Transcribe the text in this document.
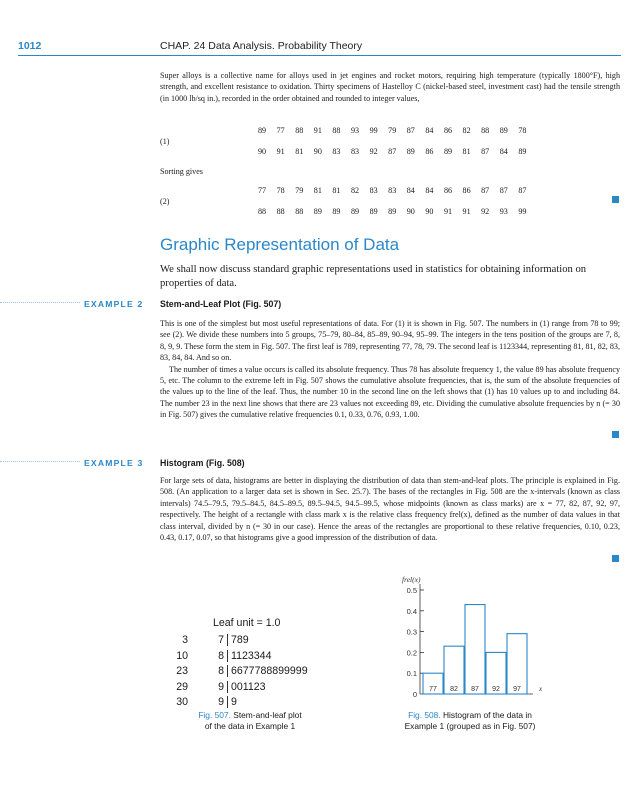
1012	CHAP. 24 Data Analysis. Probability Theory

Super alloys is a collective name for alloys used in jet engines and rocket motors, requiring high temperature (typically 1800°F), high strength, and excellent resistance to oxidation. Thirty specimens of Hastelloy C (nickel-based steel, investment cast) had the tensile strength (in 1000 lb/sq in.), recorded in the order obtained and rounded to integer values,

(1)
89 77 88 91 88 93 99 79 87 84 86 82 88 89 78
90 91 81 90 83 83 92 87 89 86 89 81 87 84 89
Sorting gives
(2)
77 78 79 81 81 82 83 83 84 84 86 86 87 87 87
88 88 88 89 89 89 89 89 90 90 91 91 92 93 99
Graphic Representation of Data
We shall now discuss standard graphic representations used in statistics for obtaining information on properties of data.
EXAMPLE 2 Stem-and-Leaf Plot (Fig. 507)

This is one of the simplest but most useful representations of data. For (1) it is shown in Fig. 507. The numbers in (1) range from 78 to 99; see (2). We divide these numbers into 5 groups, 75–79, 80–84, 85–89, 90–94, 95–99. The integers in the tens position of the groups are 7, 8, 8, 9, 9. These form the stem in Fig. 507. The first leaf is 789, representing 77, 78, 79. The second leaf is 1123344, representing 81, 81, 82, 83, 83, 84, 84. And so on.

The number of times a value occurs is called its absolute frequency. Thus 78 has absolute frequency 1, the value 89 has absolute frequency 5, etc. The column to the extreme left in Fig. 507 shows the cumulative absolute frequencies, that is, the sum of the absolute frequencies of the values up to the line of the leaf. Thus, the number 10 in the second line on the left shows that (1) has 10 values up to and including 84. The number 23 in the next line shows that there are 23 values not exceeding 89, etc. Dividing the cumulative absolute frequencies by n (= 30 in Fig. 507) gives the cumulative relative frequencies 0.1, 0.33, 0.76, 0.93, 1.00.

EXAMPLE 3 Histogram (Fig. 508)

For large sets of data, histograms are better in displaying the distribution of data than stem-and-leaf plots. The principle is explained in Fig. 508. (An application to a larger data set is shown in Sec. 25.7). The bases of the rectangles in Fig. 508 are the x-intervals (known as class intervals) 74.5–79.5, 79.5–84.5, 84.5–89.5, 89.5–94.5, 94.5–99.5, whose midpoints (known as class marks) are x = 77, 82, 87, 92, 97, respectively. The height of a rectangle with class mark x is the relative class frequency frel(x), defined as the number of data values in that class interval, divided by n (= 30 in our case). Hence the areas of the rectangles are proportional to these relative frequencies, 0.10, 0.23, 0.43, 0.17, 0.07, so that histograms give a good impression of the distribution of data.

Leaf unit = 1.0
3	7 789
10	8 1123344
23	8 6677788899999
29	9 001123
30	9 9
0
0.1
0.2
0.3
0.4
0.5
frel(x)
77 82 87 92 97	x
Fig. 507. Stem-and-leaf plot
of the data in Example 1
Fig. 508. Histogram of the data in
Example 1 (grouped as in Fig. 507)
